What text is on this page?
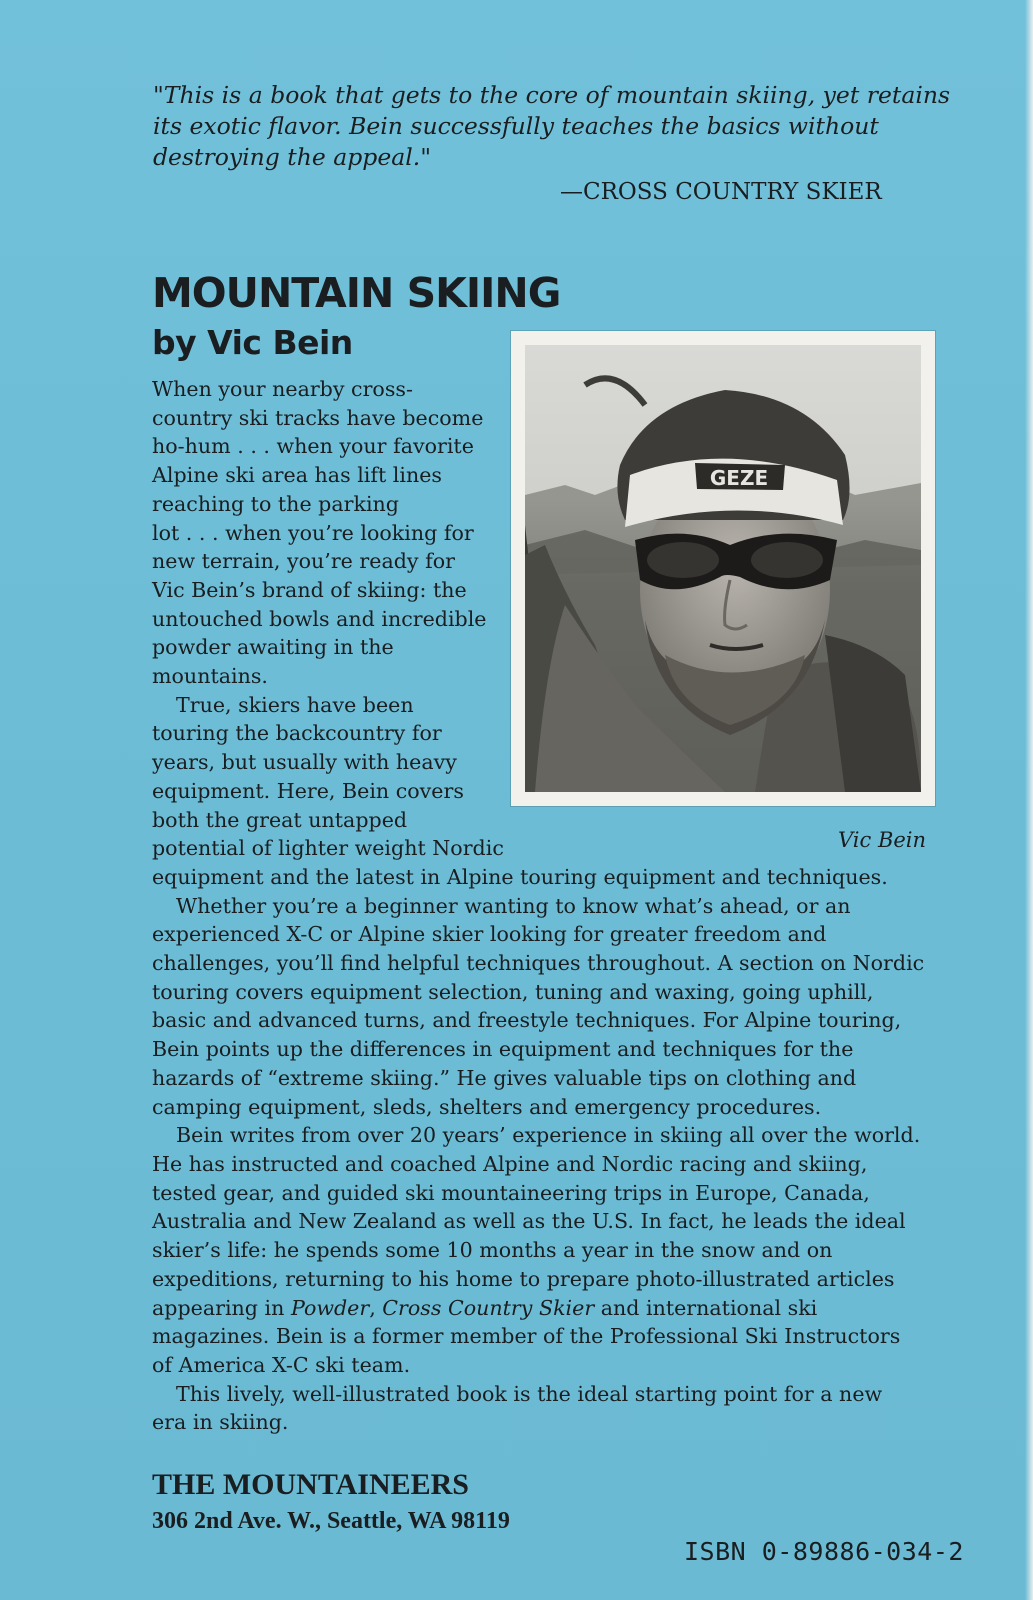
"This is a book that gets to the core of mountain skiing, yet retains
its exotic flavor. Bein successfully teaches the basics without
destroying the appeal."

—CROSS COUNTRY SKIER

MOUNTAIN SKIING
by Vic Bein
GEZE

Vic Bein

When your nearby cross-

country ski tracks have become

ho-hum . . . when your favorite

Alpine ski area has lift lines

reaching to the parking

lot . . . when you’re looking for

new terrain, you’re ready for

Vic Bein’s brand of skiing: the

untouched bowls and incredible

powder awaiting in the

mountains.

True, skiers have been

touring the backcountry for

years, but usually with heavy

equipment. Here, Bein covers

both the great untapped

potential of lighter weight Nordic

equipment and the latest in Alpine touring equipment and techniques.

Whether you’re a beginner wanting to know what’s ahead, or an

experienced X-C or Alpine skier looking for greater freedom and

challenges, you’ll find helpful techniques throughout. A section on Nordic

touring covers equipment selection, tuning and waxing, going uphill,

basic and advanced turns, and freestyle techniques. For Alpine touring,

Bein points up the differences in equipment and techniques for the

hazards of “extreme skiing.” He gives valuable tips on clothing and

camping equipment, sleds, shelters and emergency procedures.

Bein writes from over 20 years’ experience in skiing all over the world.

He has instructed and coached Alpine and Nordic racing and skiing,

tested gear, and guided ski mountaineering trips in Europe, Canada,

Australia and New Zealand as well as the U.S. In fact, he leads the ideal

skier’s life: he spends some 10 months a year in the snow and on

expeditions, returning to his home to prepare photo-illustrated articles

appearing in Powder, Cross Country Skier and international ski

magazines. Bein is a former member of the Professional Ski Instructors

of America X-C ski team.

This lively, well-illustrated book is the ideal starting point for a new

era in skiing.

THE MOUNTAINEERS

306 2nd Ave. W., Seattle, WA 98119

ISBN 0-89886-034-2
